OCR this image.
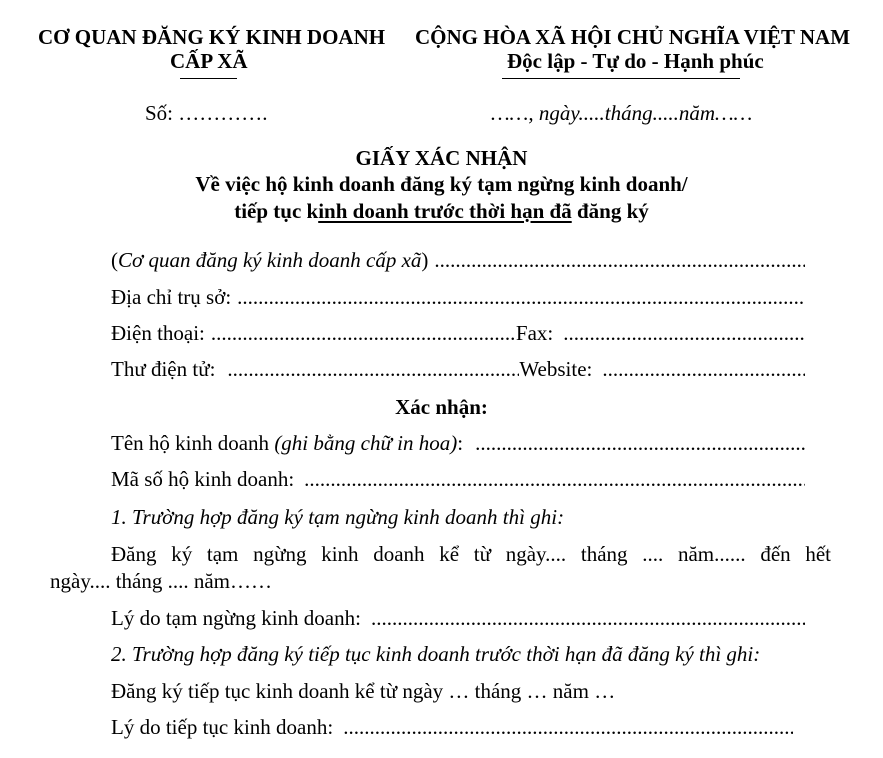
CƠ QUAN ĐĂNG KÝ KINH DOANH
CẤP XÃ
Số: ………….
CỘNG HÒA XÃ HỘI CHỦ NGHĨA VIỆT NAM
Độc lập - Tự do - Hạnh phúc
……, ngày.....tháng.....năm……
GIẤY XÁC NHẬN
Về việc hộ kinh doanh đăng ký tạm ngừng kinh doanh/
tiếp tục kinh doanh trước thời hạn đã đăng ký
( Cơ quan đăng ký kinh doanh cấp xã )
.....
Địa chỉ trụ sở:
.....
Điện thoại: .....	Fax:
.....
Thư điện tử: .....	Website:
.....
Xác nhận:
Tên hộ kinh doanh
(ghi bằng chữ in hoa) :
.....
Mã số hộ kinh doanh:
.....
1. Trường hợp đăng ký tạm ngừng kinh doanh thì ghi:
Đăng ký tạm ngừng kinh doanh kể từ ngày.... tháng .... năm...... đến hết
ngày.... tháng .... năm……
Lý do tạm ngừng kinh doanh:
.....
2. Trường hợp đăng ký tiếp tục kinh doanh trước thời hạn đã đăng ký thì ghi:
Đăng ký tiếp tục kinh doanh kể từ ngày … tháng … năm …
Lý do tiếp tục kinh doanh:
.....
